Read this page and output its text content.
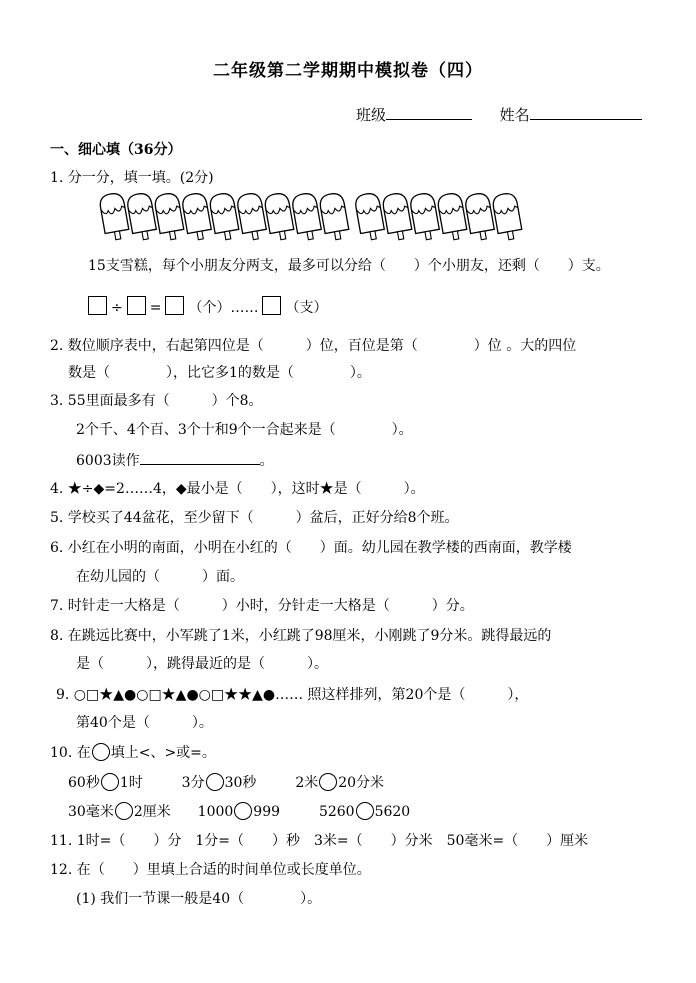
二年级第二学期期中模拟卷（四）
班级	姓名
一、细心填（36分）
1. 分一分，填一填。(2分)
15支雪糕，每个小朋友分两支，最多可以分给（　　）个小朋友，还剩（　　）支。
÷ = （个）…… （支）
2. 数位顺序表中，右起第四位是（　　　）位，百位是第（　　　　）位 。大的四位
数是（　　　　），比它多1的数是（　　　　）。
3. 55里面最多有（　　　）个8。
2个千、4个百、3个十和9个一合起来是（　　　　）。
6003读作	。
4. ★÷◆=2……4，◆最小是（　　），这时★是（　　　）。
5. 学校买了44盆花，至少留下（　　　）盆后，正好分给8个班。
6. 小红在小明的南面，小明在小红的（　　）面。幼儿园在教学楼的西南面，教学楼
在幼儿园的（　　　）面。
7. 时针走一大格是（　　　）小时，分针走一大格是（　　　）分。
8. 在跳远比赛中，小军跳了1米，小红跳了98厘米，小刚跳了9分米。跳得最远的
是（　　　），跳得最近的是（　　　）。
9. ○□★▲●○□★▲●○□★★▲●…… 照这样排列，第20个是（　　　），
第40个是（　　　）。
10. 在 填上<、>或=。
60秒 1时	3分 30秒	2米 20分米
30毫米 2厘米 1000 999	5260 5620
11. 1时=（　　）分　1分=（　　）秒　3米=（　　）分米　50毫米=（　　）厘米
12. 在（　　）里填上合适的时间单位或长度单位。
(1) 我们一节课一般是40（　　　　）。
